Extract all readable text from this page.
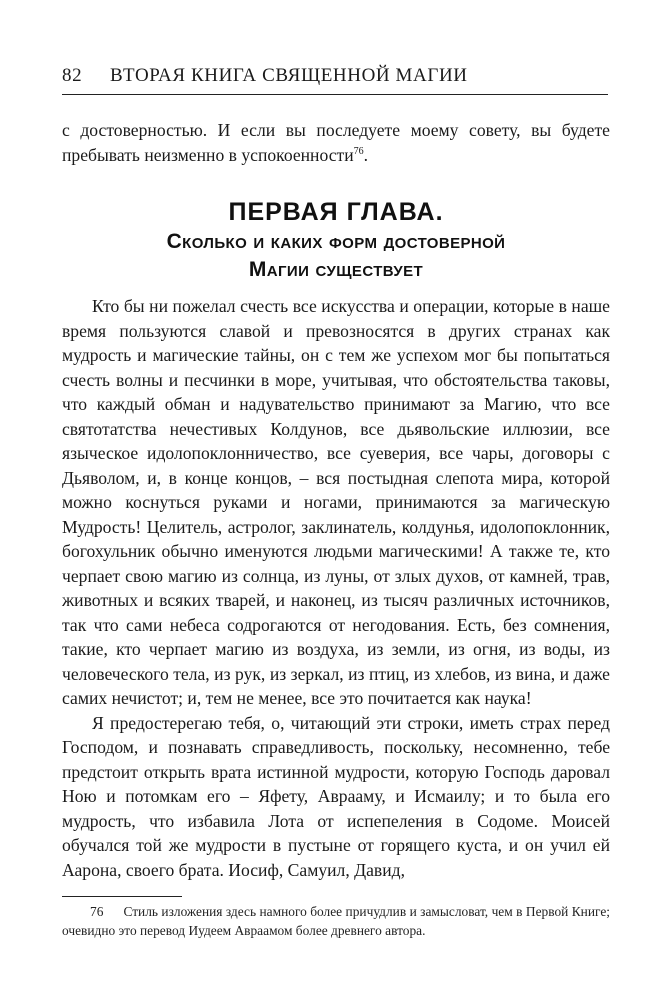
82 ВТОРАЯ КНИГА СВЯЩЕННОЙ МАГИИ

с достоверностью. И если вы последуете моему совету, вы будете пребывать неизменно в успокоенности$^{76}$.

ПЕРВАЯ ГЛАВА.
Сколько и каких форм достоверной
Магии существует

Кто бы ни пожелал счесть все искусства и операции, которые в наше время пользуются славой и превозносятся в других странах как мудрость и магические тайны, он с тем же успехом мог бы попытаться счесть волны и песчинки в море, учитывая, что обстоятельства таковы, что каждый обман и надувательство принимают за Магию, что все святотатства нечестивых Колдунов, все дьявольские иллюзии, все языческое идолопоклонничество, все суеверия, все чары, договоры с Дьяволом, и, в конце концов, – вся постыдная слепота мира, которой можно коснуться руками и ногами, принимаются за магическую Мудрость! Целитель, астролог, заклинатель, колдунья, идолопоклонник, богохульник обычно именуются людьми магическими! А также те, кто черпает свою магию из солнца, из луны, от злых духов, от камней, трав, животных и всяких тварей, и наконец, из тысяч различных источников, так что сами небеса содрогаются от негодования. Есть, без сомнения, такие, кто черпает магию из воздуха, из земли, из огня, из воды, из человеческого тела, из рук, из зеркал, из птиц, из хлебов, из вина, и даже самих нечистот; и, тем не менее, все это почитается как наука!

Я предостерегаю тебя, о, читающий эти строки, иметь страх перед Господом, и познавать справедливость, поскольку, несомненно, тебе предстоит открыть врата истинной мудрости, которую Господь даровал Ною и потомкам его – Яфету, Аврааму, и Исмаилу; и то была его мудрость, что избавила Лота от испепеления в Содоме. Моисей обучался той же мудрости в пустыне от горящего куста, и он учил ей Аарона, своего брата. Иосиф, Самуил, Давид,

76 Стиль изложения здесь намного более причудлив и замысловат, чем в Первой Книге; очевидно это перевод Иудеем Авраамом более древнего автора.
